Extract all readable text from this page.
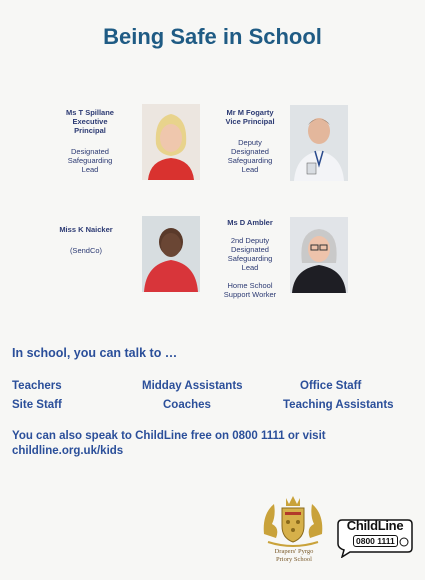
Being Safe in School
Ms T Spillane
Executive
Principal
Designated
Safeguarding
Lead
Mr M Fogarty
Vice Principal
Deputy
Designated
Safeguarding
Lead
Miss K Naicker
(SendCo)
Ms D Ambler
2nd Deputy
Designated
Safeguarding
Lead
Home School
Support Worker
In school, you can talk to …
Teachers	Midday Assistants	Office Staff
Site Staff	Coaches	Teaching Assistants
You can also speak to ChildLine free on 0800 1111 or visit
childline.org.uk/kids
Drapers' Pyrgo
Priory School
ChildLine
0800 1111
